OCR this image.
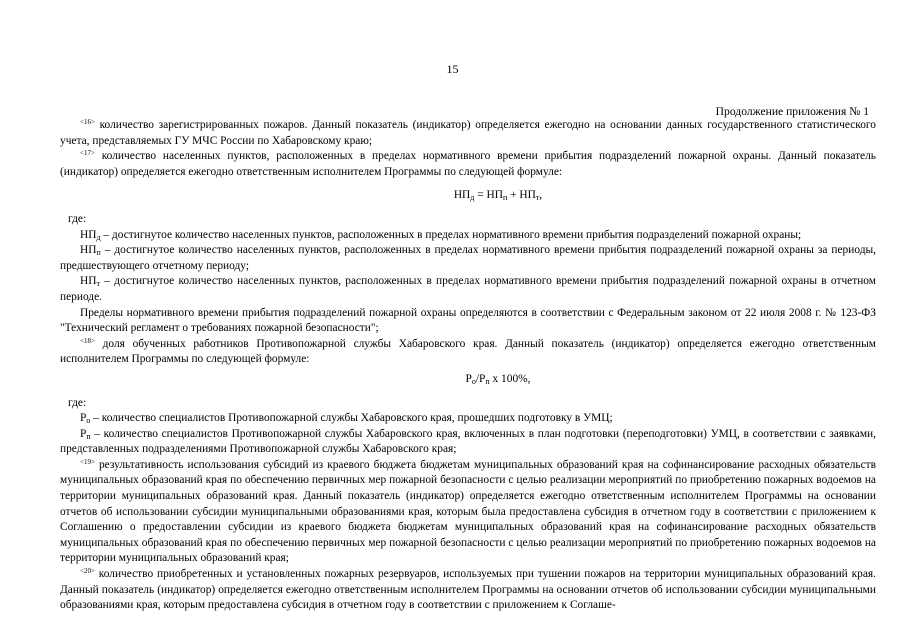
15
Продолжение приложения № 1

$^{<16>}$ количество зарегистрированных пожаров. Данный показатель (индикатор) определяется ежегодно на основании данных государственного статистического учета, представляемых ГУ МЧС России по Хабаровскому краю;

$^{<17>}$ количество населенных пунктов, расположенных в пределах нормативного времени прибытия подразделений пожарной охраны. Данный показатель (индикатор) определяется ежегодно ответственным исполнителем Программы по следующей формуле:

$НП_д = НП_п + НП_т$,

где:

$НП_д$ – достигнутое количество населенных пунктов, расположенных в пределах нормативного времени прибытия подразделений пожарной охраны;

$НП_п$ – достигнутое количество населенных пунктов, расположенных в пределах нормативного времени прибытия подразделений пожарной охраны за периоды, предшествующего отчетному периоду;

$НП_т$ – достигнутое количество населенных пунктов, расположенных в пределах нормативного времени прибытия подразделений пожарной охраны в отчетном периоде.

Пределы нормативного времени прибытия подразделений пожарной охраны определяются в соответствии с Федеральным законом от 22 июля 2008 г. № 123-ФЗ "Технический регламент о требованиях пожарной безопасности";

$^{<18>}$ доля обученных работников Противопожарной службы Хабаровского края. Данный показатель (индикатор) определяется ежегодно ответственным исполнителем Программы по следующей формуле:

$Р_о/Р_п$ х 100%,

где:

$Р_о$ – количество специалистов Противопожарной службы Хабаровского края, прошедших подготовку в УМЦ;

$Р_п$ – количество специалистов Противопожарной службы Хабаровского края, включенных в план подготовки (переподготовки) УМЦ, в соответствии с заявками, представленных подразделениями Противопожарной службы Хабаровского края;

$^{<19>}$ результативность использования субсидий из краевого бюджета бюджетам муниципальных образований края на софинансирование расходных обязательств муниципальных образований края по обеспечению первичных мер пожарной безопасности с целью реализации мероприятий по приобретению пожарных водоемов на территории муниципальных образований края. Данный показатель (индикатор) определяется ежегодно ответственным исполнителем Программы на основании отчетов об использовании субсидии муниципальными образованиями края, которым была предоставлена субсидия в отчетном году в соответствии с приложением к Соглашению о предоставлении субсидии из краевого бюджета бюджетам муниципальных образований края на софинансирование расходных обязательств муниципальных образований края по обеспечению первичных мер пожарной безопасности с целью реализации мероприятий по приобретению пожарных водоемов на территории муниципальных образований края;

$^{<20>}$ количество приобретенных и установленных пожарных резервуаров, используемых при тушении пожаров на территории муниципальных образований края. Данный показатель (индикатор) определяется ежегодно ответственным исполнителем Программы на основании отчетов об использовании субсидии муниципальными образованиями края, которым предоставлена субсидия в отчетном году в соответствии с приложением к Соглаше-
